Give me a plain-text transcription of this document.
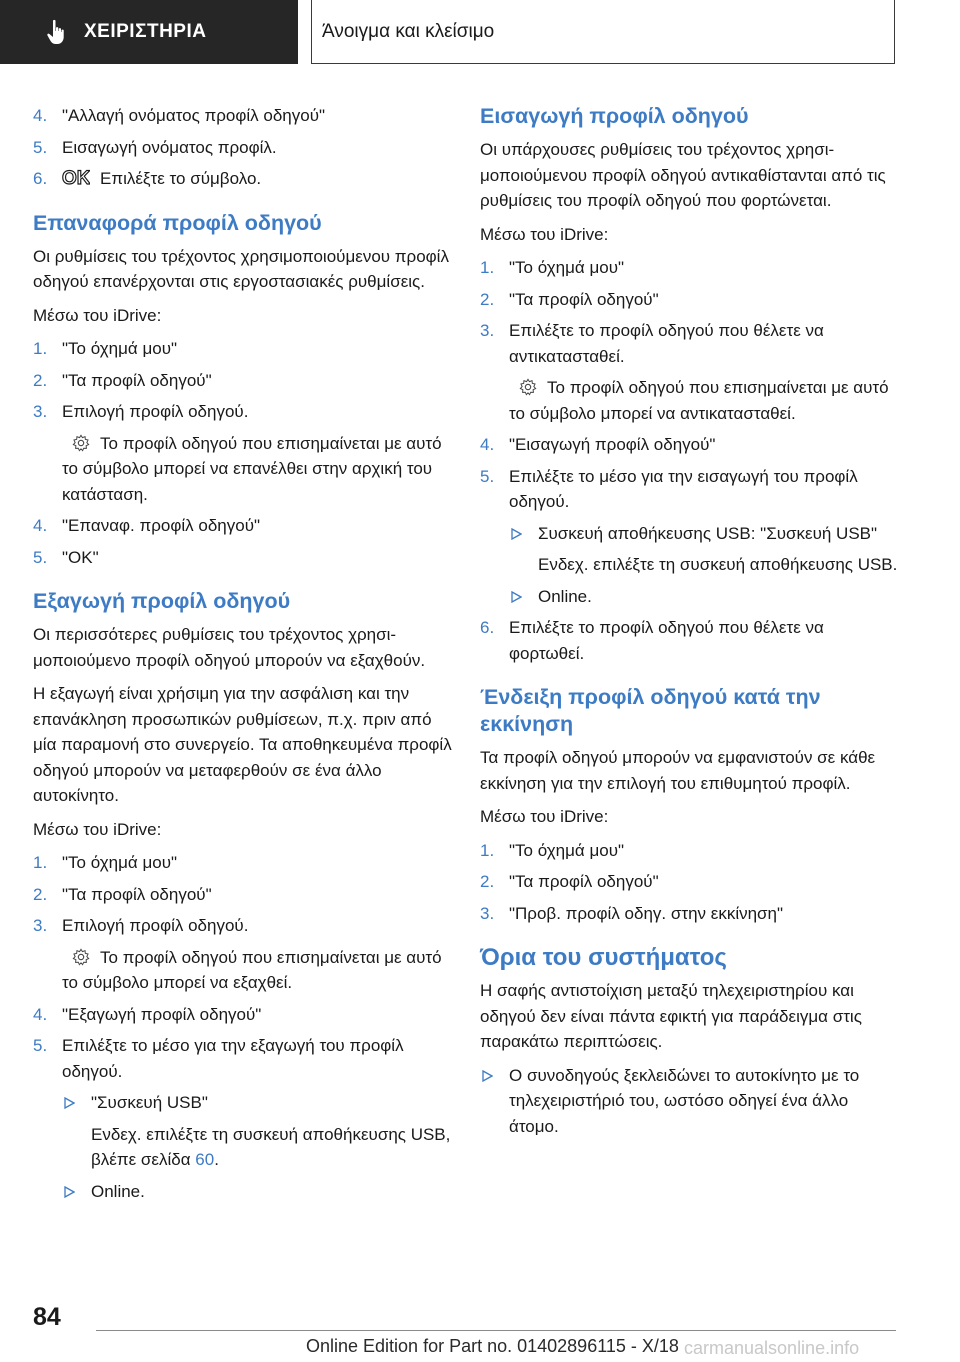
ΧΕΙΡΙΣΤΗΡΙΑ	Άνοιγμα και κλείσιμο
4. "Αλλαγή ονόματος προφίλ οδηγού"
5. Εισαγωγή ονόματος προφίλ.
6. OK Επιλέξτε το σύμβολο.
Επαναφορά προφίλ οδηγού
Οι ρυθμίσεις του τρέχοντος χρησιμοποιούμενου προφίλ οδηγού επανέρχονται στις εργοστασιακές ρυθμίσεις.
Μέσω του iDrive:
1. "Το όχημά μου"
2. "Τα προφίλ οδηγού"
3. Επιλογή προφίλ οδηγού.
Το προφίλ οδηγού που επισημαίνεται με αυτό το σύμβολο μπορεί να επανέλθει στην αρχική του κατάσταση.
4. "Επαναφ. προφίλ οδηγού"
5. "OK"
Εξαγωγή προφίλ οδηγού
Οι περισσότερες ρυθμίσεις του τρέχοντος χρησιμοποιούμενο προφίλ οδηγού μπορούν να εξαχθούν.
Η εξαγωγή είναι χρήσιμη για την ασφάλιση και την επανάκληση προσωπικών ρυθμίσεων, π.χ. πριν από μία παραμονή στο συνεργείο. Τα αποθηκευμένα προφίλ οδηγού μπορούν να μεταφερθούν σε ένα άλλο αυτοκίνητο.
Μέσω του iDrive:
1. "Το όχημά μου"
2. "Τα προφίλ οδηγού"
3. Επιλογή προφίλ οδηγού.
Το προφίλ οδηγού που επισημαίνεται με αυτό το σύμβολο μπορεί να εξαχθεί.
4. "Εξαγωγή προφίλ οδηγού"
5. Επιλέξτε το μέσο για την εξαγωγή του προφίλ οδηγού.
"Συσκευή USB"
Ενδεχ. επιλέξτε τη συσκευή αποθήκευσης USB, βλέπε σελίδα 60.
Online.
Εισαγωγή προφίλ οδηγού
Οι υπάρχουσες ρυθμίσεις του τρέχοντος χρησιμοποιούμενου προφίλ οδηγού αντικαθίστανται από τις ρυθμίσεις του προφίλ οδηγού που φορτώνεται.
Μέσω του iDrive:
1. "Το όχημά μου"
2. "Τα προφίλ οδηγού"
3. Επιλέξτε το προφίλ οδηγού που θέλετε να αντικατασταθεί.
Το προφίλ οδηγού που επισημαίνεται με αυτό το σύμβολο μπορεί να αντικατασταθεί.
4. "Εισαγωγή προφίλ οδηγού"
5. Επιλέξτε το μέσο για την εισαγωγή του προφίλ οδηγού.
Συσκευή αποθήκευσης USB: "Συσκευή USB"
Ενδεχ. επιλέξτε τη συσκευή αποθήκευσης USB.
Online.
6. Επιλέξτε το προφίλ οδηγού που θέλετε να φορτωθεί.
Ένδειξη προφίλ οδηγού κατά την εκκίνηση
Τα προφίλ οδηγού μπορούν να εμφανιστούν σε κάθε εκκίνηση για την επιλογή του επιθυμητού προφίλ.
Μέσω του iDrive:
1. "Το όχημά μου"
2. "Τα προφίλ οδηγού"
3. "Προβ. προφίλ οδηγ. στην εκκίνηση"
Όρια του συστήματος
Η σαφής αντιστοίχιση μεταξύ τηλεχειριστηρίου και οδηγού δεν είναι πάντα εφικτή για παράδειγμα στις παρακάτω περιπτώσεις.
Ο συνοδηγούς ξεκλειδώνει το αυτοκίνητο με το τηλεχειριστήριό του, ωστόσο οδηγεί ένα άλλο άτομο.
84
Online Edition for Part no. 01402896115 - X/18 carmanualsonline.info
